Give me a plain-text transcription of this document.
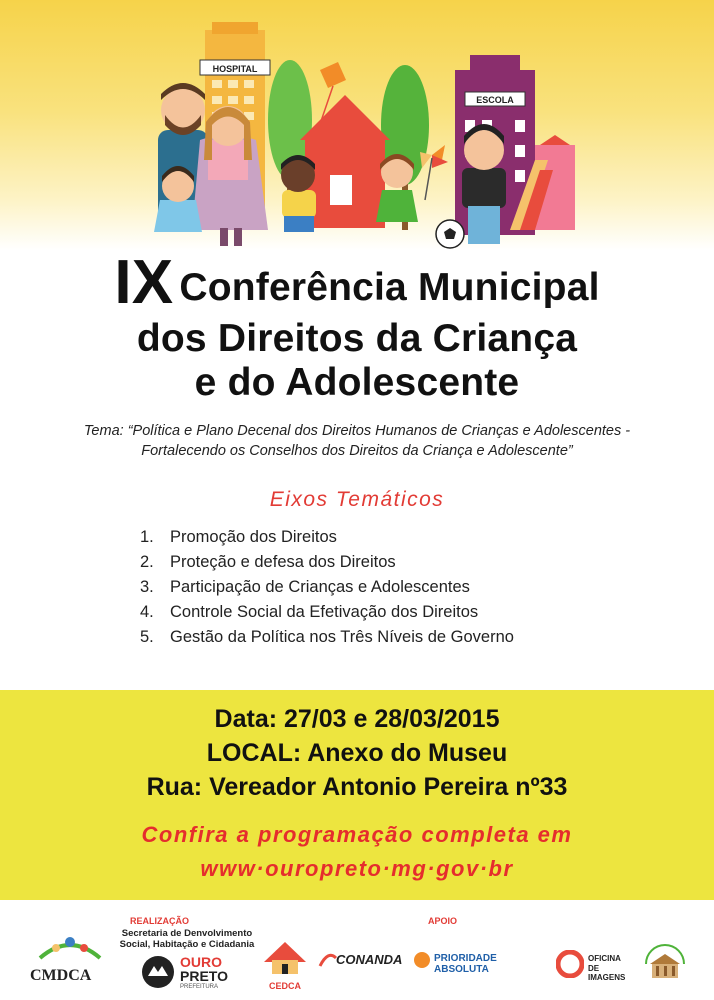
HOSPITAL
ESCOLA
IX Conferência Municipal
dos Direitos da Criança
e do Adolescente
Tema: “Política e Plano Decenal dos Direitos Humanos de Crianças e Adolescentes -
Fortalecendo os Conselhos dos Direitos da Criança e Adolescente”
Eixos Temáticos
1. Promoção dos Direitos
2. Proteção e defesa dos Direitos
3. Participação de Crianças e Adolescentes
4. Controle Social da Efetivação dos Direitos
5. Gestão da Política nos Três Níveis de Governo
Data: 27/03 e 28/03/2015
LOCAL: Anexo do Museu
Rua: Vereador Antonio Pereira nº33
Confira a programação completa em
www·ouropreto·mg·gov·br
REALIZAÇÃO
Secretaria de Denvolvimento Social, Habitação e Cidadania
APOIO
CMDCA
OURO
PRETO
PREFEITURA	CEDCA
CONANDA	PRIORIDADE ABSOLUTA
OFICINA
DE IMAGENS
